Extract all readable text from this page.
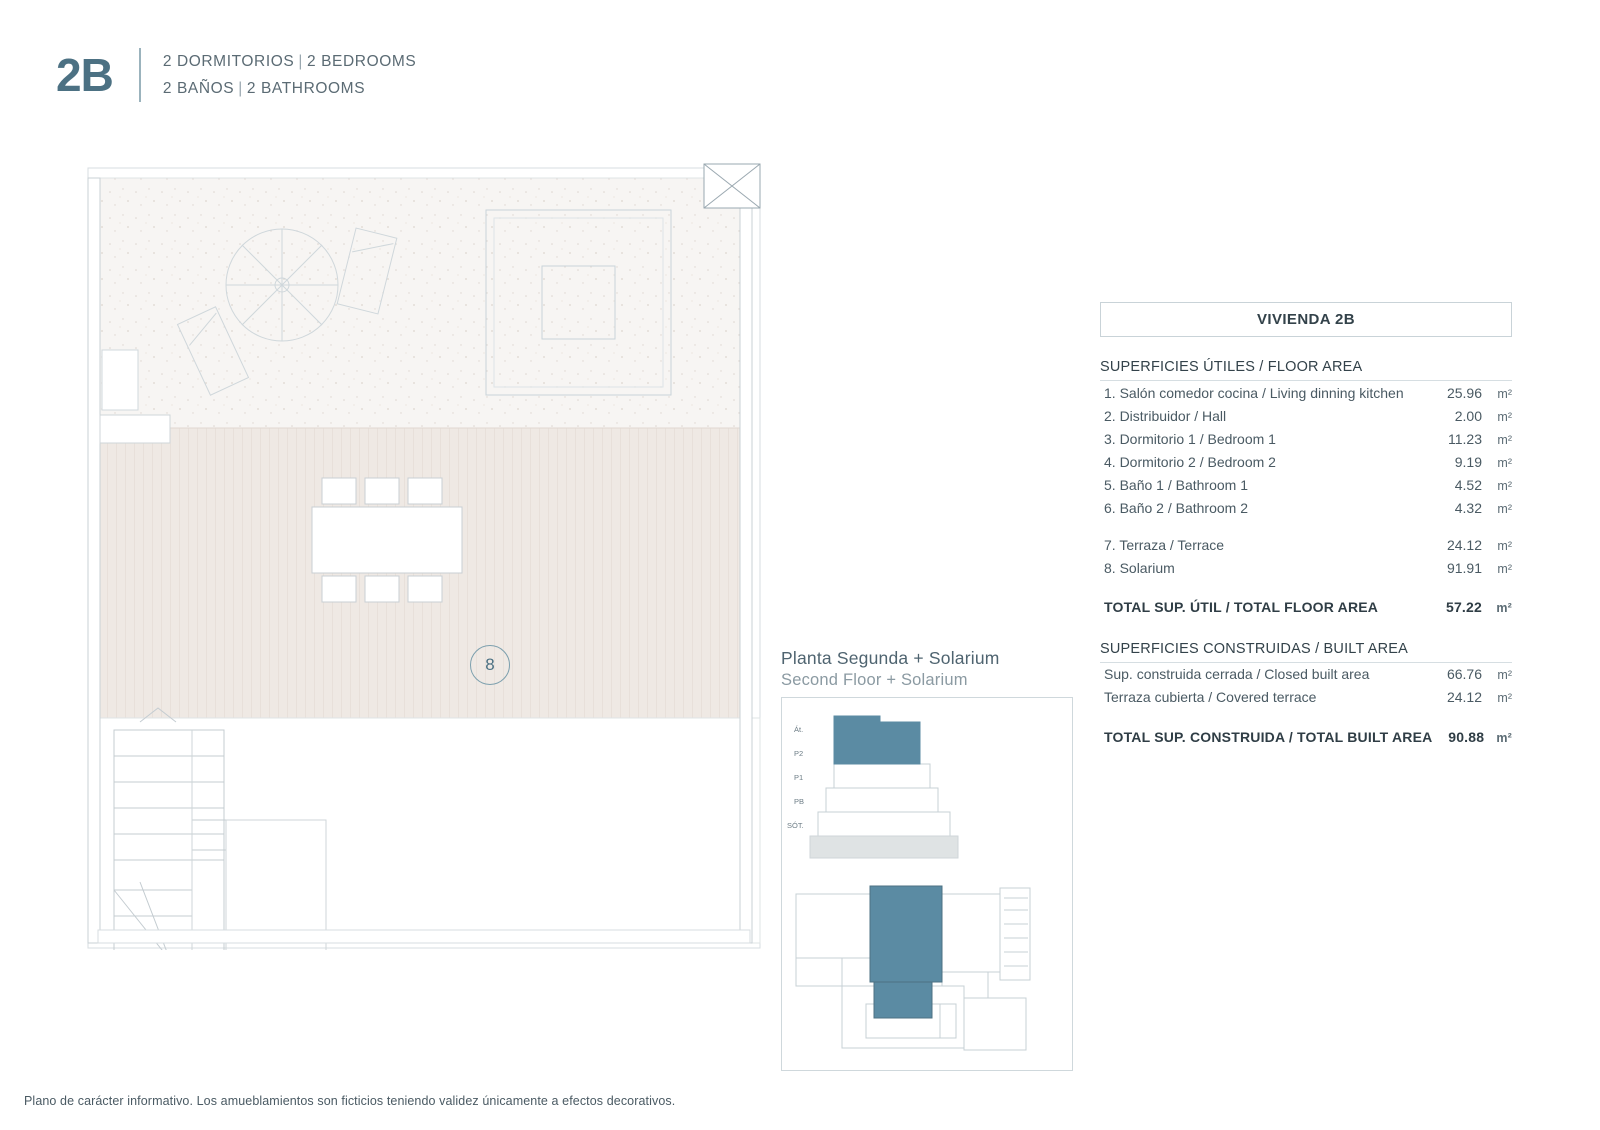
2B	2 DORMITORIOS | 2 BEDROOMS
2 BAÑOS | 2 BATHROOMS
8	Planta Segunda + Solarium
Second Floor + Solarium
Át.
P2
P1
PB
SÓT.
VIVIENDA 2B
SUPERFICIES ÚTILES / FLOOR AREA
1. Salón comedor cocina / Living dinning kitchen	25.96	m²
2. Distribuidor / Hall	2.00	m²
3. Dormitorio 1 / Bedroom 1	11.23	m²
4. Dormitorio 2 / Bedroom 2	9.19	m²
5. Baño 1 / Bathroom 1	4.52	m²
6. Baño 2 / Bathroom 2	4.32	m²
7. Terraza / Terrace	24.12	m²
8. Solarium	91.91	m²
TOTAL SUP. ÚTIL / TOTAL FLOOR AREA	57.22	m²
SUPERFICIES CONSTRUIDAS / BUILT AREA
Sup. construida cerrada / Closed built area	66.76	m²
Terraza cubierta / Covered terrace	24.12	m²
TOTAL SUP. CONSTRUIDA / TOTAL BUILT AREA	90.88 m²
Plano de carácter informativo. Los amueblamientos son ficticios teniendo validez únicamente a efectos decorativos.
